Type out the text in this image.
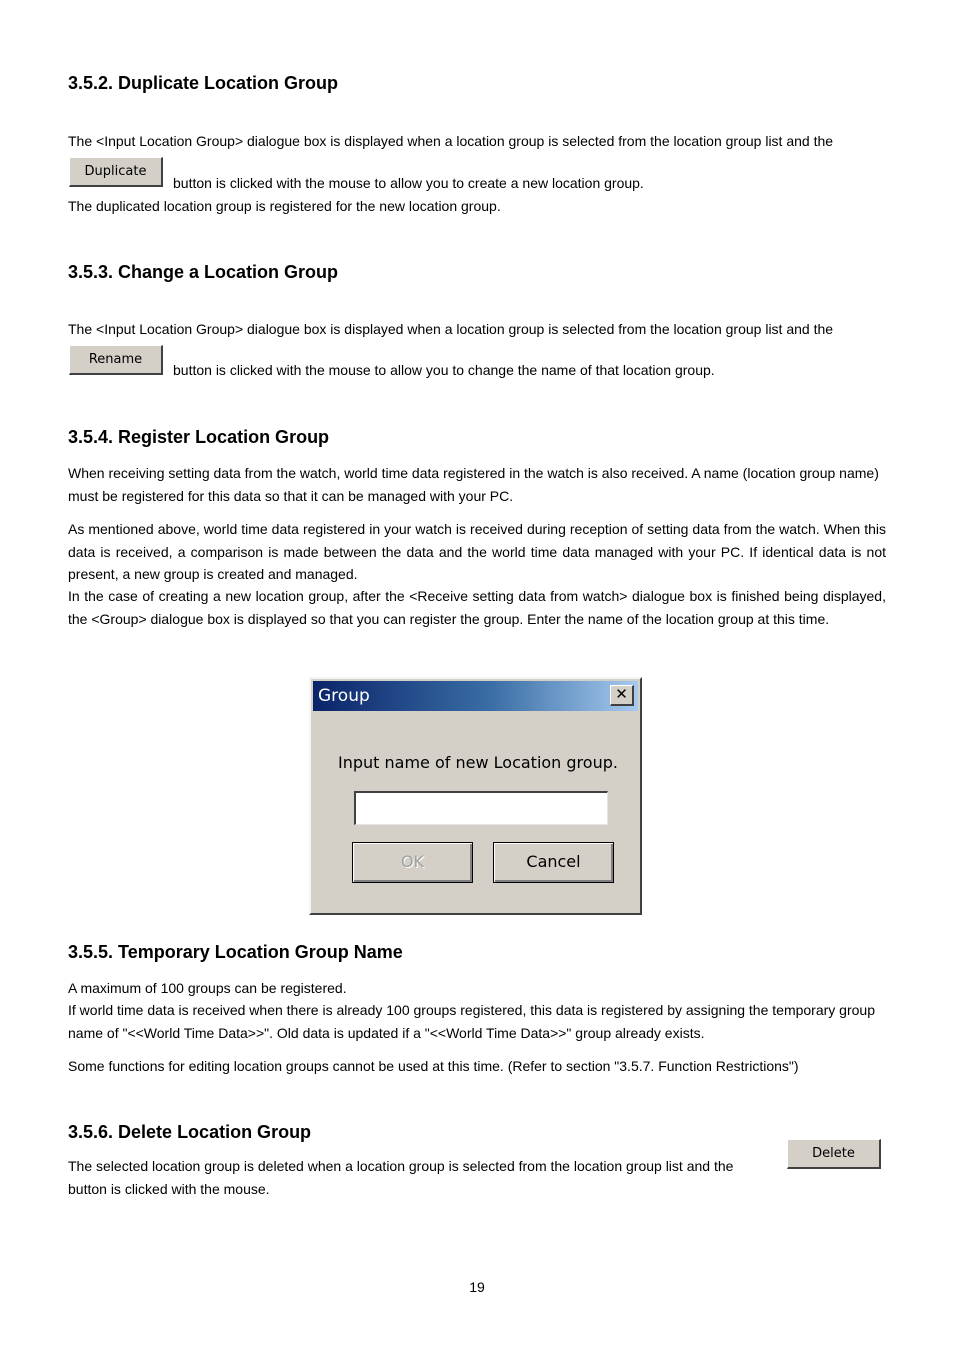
3.5.2. Duplicate Location Group

The <Input Location Group> dialogue box is displayed when a location group is selected from the location group list and the

Duplicate

button is clicked with the mouse to allow you to create a new location group.

The duplicated location group is registered for the new location group.

3.5.3. Change a Location Group

The <Input Location Group> dialogue box is displayed when a location group is selected from the location group list and the

Rename

button is clicked with the mouse to allow you to change the name of that location group.

3.5.4. Register Location Group

When receiving setting data from the watch, world time data registered in the watch is also received. A name (location group name) must be registered for this data so that it can be managed with your PC.

As mentioned above, world time data registered in your watch is received during reception of setting data from the watch. When this data is received, a comparison is made between the data and the world time data managed with your PC. If identical data is not present, a new group is created and managed.

In the case of creating a new location group, after the <Receive setting data from watch> dialogue box is finished being displayed, the <Group> dialogue box is displayed so that you can register the group. Enter the name of the location group at this time.

Group	✕
Input name of new Location group.
OK	Cancel
3.5.5. Temporary Location Group Name

A maximum of 100 groups can be registered.

If world time data is received when there is already 100 groups registered, this data is registered by assigning the temporary group name of "<<World Time Data>>". Old data is updated if a "<<World Time Data>>" group already exists.

Some functions for editing location groups cannot be used at this time. (Refer to section "3.5.7. Function Restrictions")

3.5.6. Delete Location Group

The selected location group is deleted when a location group is selected from the location group list and the

Delete

button is clicked with the mouse.

19
